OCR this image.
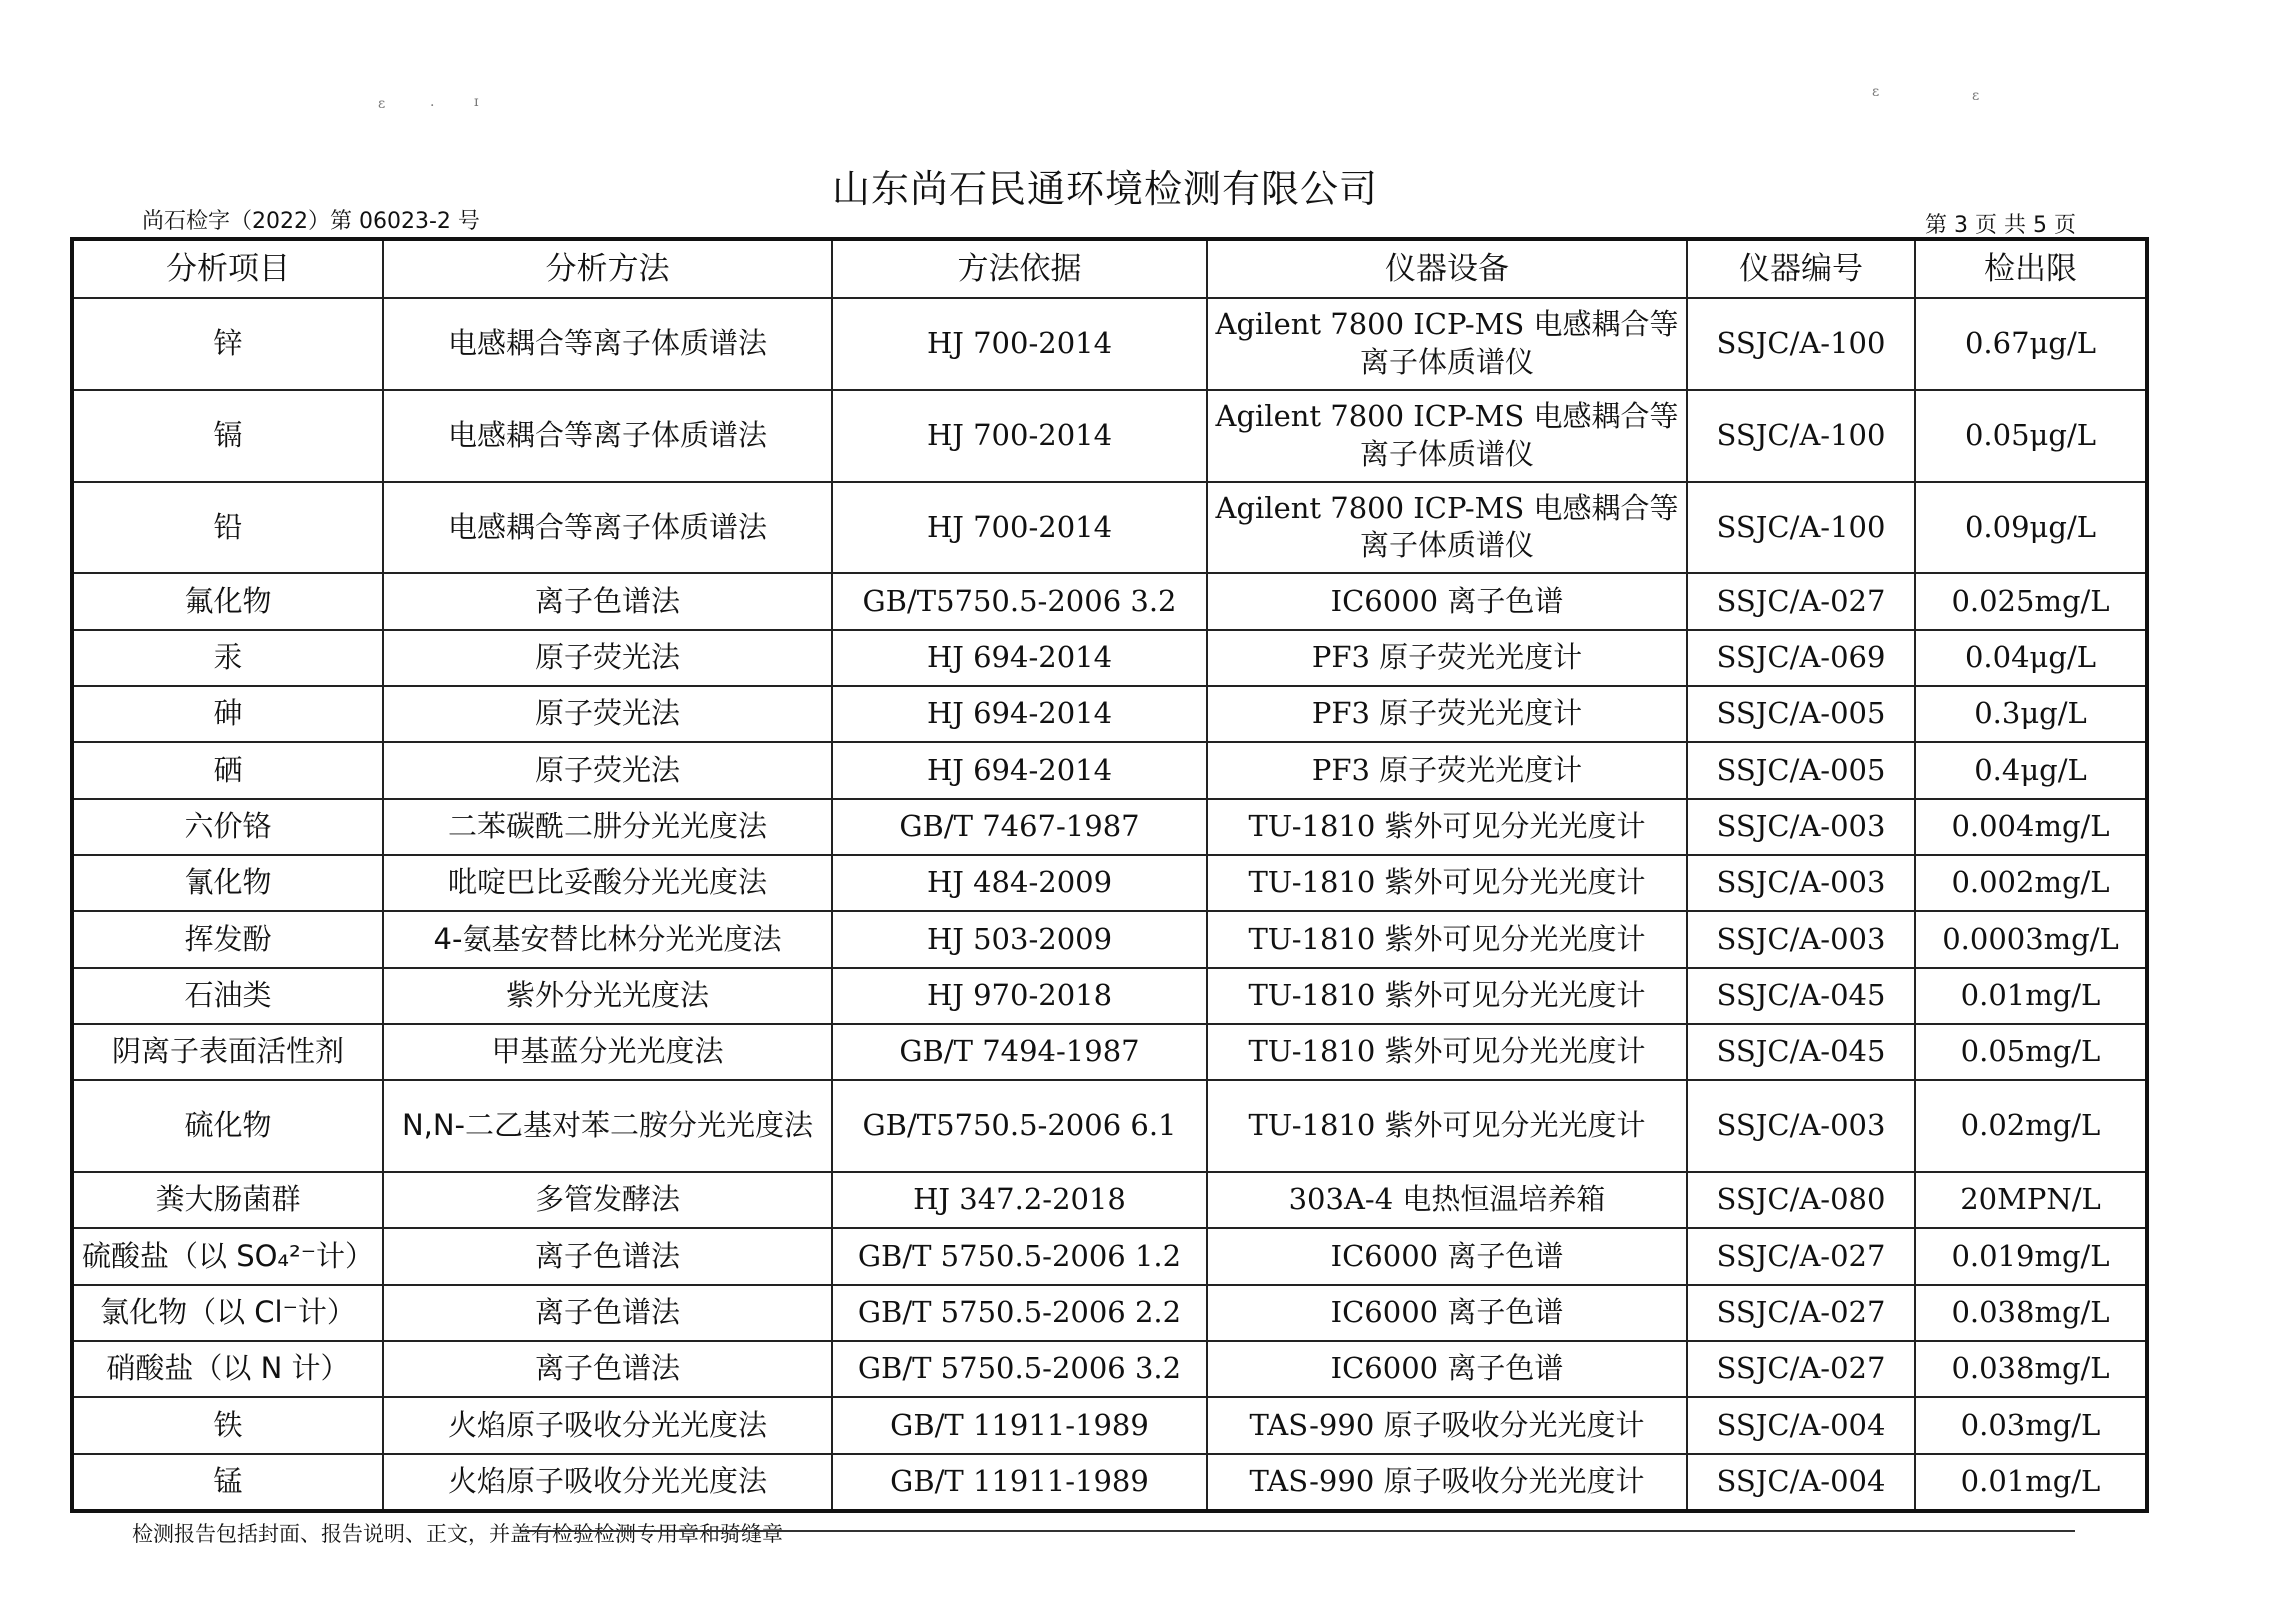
ɛ	·	ɪ
ɛ	ɛ
山东尚石民通环境检测有限公司
尚石检字（2022）第 06023-2 号	第 3 页 共 5 页
分析项目	分析方法	方法依据	仪器设备	仪器编号	检出限
锌	电感耦合等离子体质谱法	HJ 700-2014	Agilent 7800 ICP-MS 电感耦合等离子体质谱仪	SSJC/A-100	0.67μg/L
镉	电感耦合等离子体质谱法	HJ 700-2014	Agilent 7800 ICP-MS 电感耦合等离子体质谱仪	SSJC/A-100	0.05μg/L
铅	电感耦合等离子体质谱法	HJ 700-2014	Agilent 7800 ICP-MS 电感耦合等离子体质谱仪	SSJC/A-100	0.09μg/L
氟化物	离子色谱法	GB/T5750.5-2006 3.2	IC6000 离子色谱	SSJC/A-027	0.025mg/L
汞	原子荧光法	HJ 694-2014	PF3 原子荧光光度计	SSJC/A-069	0.04μg/L
砷	原子荧光法	HJ 694-2014	PF3 原子荧光光度计	SSJC/A-005	0.3μg/L
硒	原子荧光法	HJ 694-2014	PF3 原子荧光光度计	SSJC/A-005	0.4μg/L
六价铬	二苯碳酰二肼分光光度法	GB/T 7467-1987	TU-1810 紫外可见分光光度计	SSJC/A-003	0.004mg/L
氰化物	吡啶巴比妥酸分光光度法	HJ 484-2009	TU-1810 紫外可见分光光度计	SSJC/A-003	0.002mg/L
挥发酚	4-氨基安替比林分光光度法	HJ 503-2009	TU-1810 紫外可见分光光度计	SSJC/A-003	0.0003mg/L
石油类	紫外分光光度法	HJ 970-2018	TU-1810 紫外可见分光光度计	SSJC/A-045	0.01mg/L
阴离子表面活性剂	甲基蓝分光光度法	GB/T 7494-1987	TU-1810 紫外可见分光光度计	SSJC/A-045	0.05mg/L
硫化物	N,N-二乙基对苯二胺分光光度法	GB/T5750.5-2006 6.1	TU-1810 紫外可见分光光度计	SSJC/A-003	0.02mg/L
粪大肠菌群	多管发酵法	HJ 347.2-2018	303A-4 电热恒温培养箱	SSJC/A-080	20MPN/L
硫酸盐（以 SO₄²⁻计）	离子色谱法	GB/T 5750.5-2006 1.2	IC6000 离子色谱	SSJC/A-027	0.019mg/L
氯化物（以 Cl⁻计）	离子色谱法	GB/T 5750.5-2006 2.2	IC6000 离子色谱	SSJC/A-027	0.038mg/L
硝酸盐（以 N 计）	离子色谱法	GB/T 5750.5-2006 3.2	IC6000 离子色谱	SSJC/A-027	0.038mg/L
铁	火焰原子吸收分光光度法	GB/T 11911-1989	TAS-990 原子吸收分光光度计	SSJC/A-004	0.03mg/L
锰	火焰原子吸收分光光度法	GB/T 11911-1989	TAS-990 原子吸收分光光度计	SSJC/A-004	0.01mg/L
检测报告包括封面、报告说明、正文，并盖有检验检测专用章和骑缝章
